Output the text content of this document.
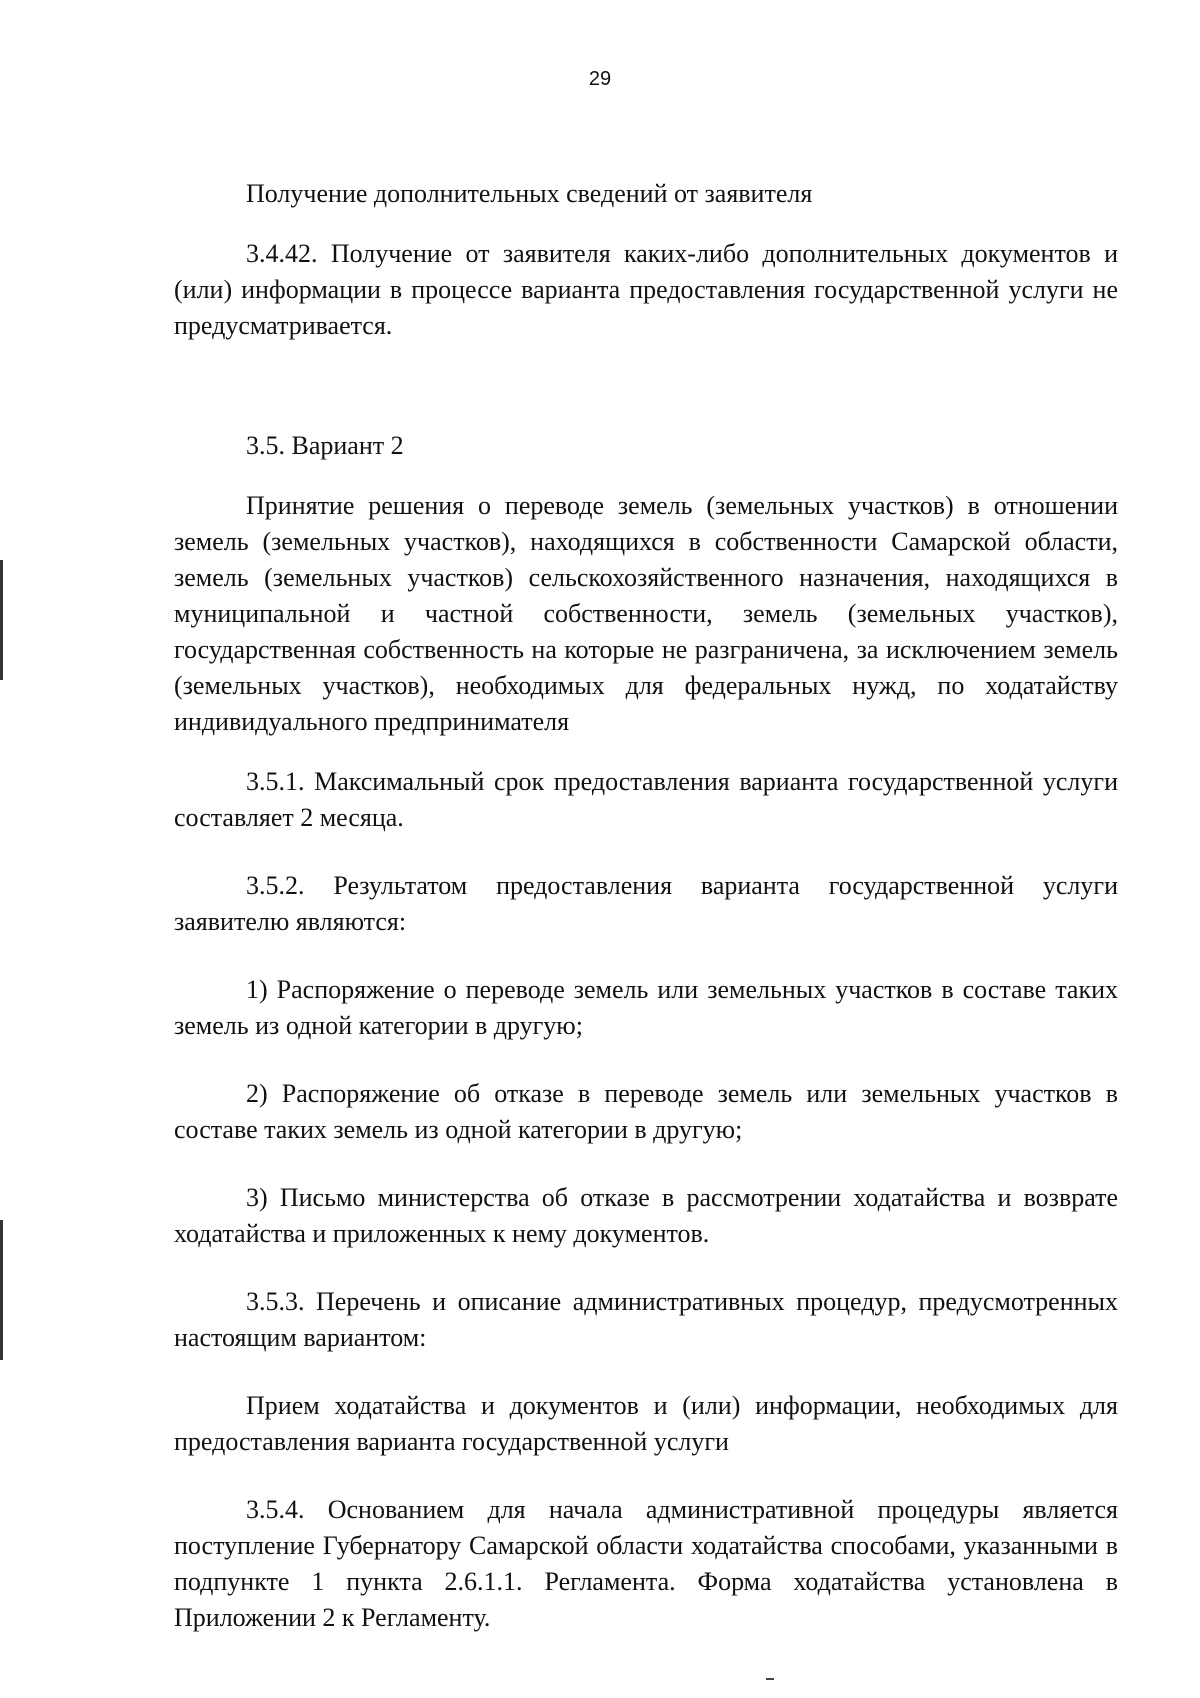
29

Получение дополнительных сведений от заявителя

3.4.42. Получение от заявителя каких-либо дополнительных документов и (или) информации в процессе варианта предоставления государственной услуги не предусматривается.

3.5. Вариант 2

Принятие решения о переводе земель (земельных участков) в отношении земель (земельных участков), находящихся в собственности Самарской области, земель (земельных участков) сельскохозяйственного назначения, находящихся в муниципальной и частной собственности, земель (земельных участков), государственная собственность на которые не разграничена, за исключением земель (земельных участков), необходимых для федеральных нужд, по ходатайству индивидуального предпринимателя

3.5.1. Максимальный срок предоставления варианта государственной услуги составляет 2 месяца.

3.5.2. Результатом предоставления варианта государственной услуги заявителю являются:

1) Распоряжение о переводе земель или земельных участков в составе таких земель из одной категории в другую;

2) Распоряжение об отказе в переводе земель или земельных участков в составе таких земель из одной категории в другую;

3) Письмо министерства об отказе в рассмотрении ходатайства и возврате ходатайства и приложенных к нему документов.

3.5.3. Перечень и описание административных процедур, предусмотренных настоящим вариантом:

Прием ходатайства и документов и (или) информации, необходимых для предоставления варианта государственной услуги

3.5.4. Основанием для начала административной процедуры является поступление Губернатору Самарской области ходатайства способами, указанными в подпункте 1 пункта 2.6.1.1. Регламента. Форма ходатайства установлена в Приложении 2 к Регламенту.
